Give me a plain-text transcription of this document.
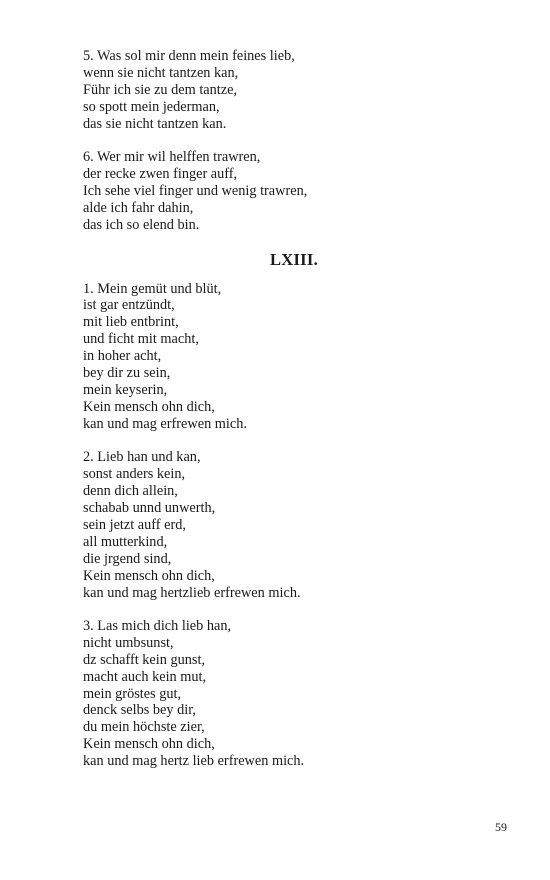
5. Was sol mir denn mein feines lieb,
wenn sie nicht tantzen kan,
Führ ich sie zu dem tantze,
so spott mein jederman,
das sie nicht tantzen kan.

6. Wer mir wil helffen trawren,
der recke zwen finger auff,
Ich sehe viel finger und wenig trawren,
alde ich fahr dahin,
das ich so elend bin.

LXIII.

1. Mein gemüt und blüt,
ist gar entzündt,
mit lieb entbrint,
und ficht mit macht,
in hoher acht,
bey dir zu sein,
mein keyserin,
Kein mensch ohn dich,
kan und mag erfrewen mich.

2. Lieb han und kan,
sonst anders kein,
denn dich allein,
schabab unnd unwerth,
sein jetzt auff erd,
all mutterkind,
die jrgend sind,
Kein mensch ohn dich,
kan und mag hertzlieb erfrewen mich.

3. Las mich dich lieb han,
nicht umbsunst,
dz schafft kein gunst,
macht auch kein mut,
mein gröstes gut,
denck selbs bey dir,
du mein höchste zier,
Kein mensch ohn dich,
kan und mag hertz lieb erfrewen mich.

59
